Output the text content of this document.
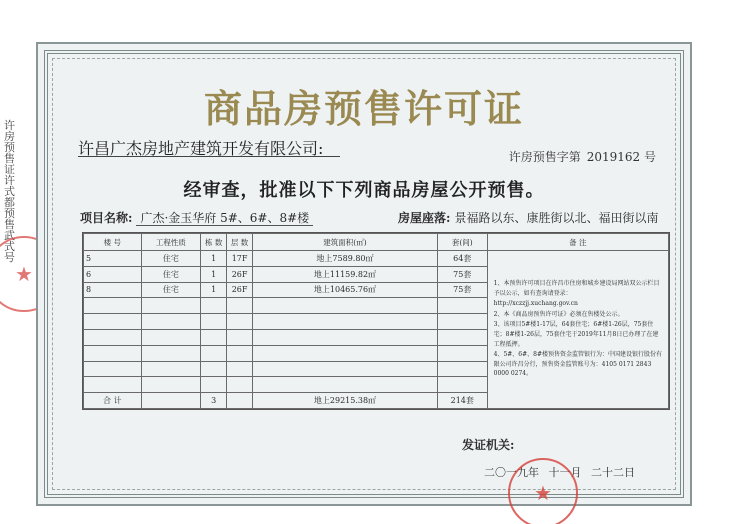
许
房
预
售
证
许
式
都
预
售
武
式
号
★
商品房预售许可证
许昌广杰房地产建筑开发有限公司:	许房预售字第 2019162 号
经审查，批准以下下列商品房屋公开预售。
项目名称: 广杰·金玉华府 5#、6#、8#楼	房屋座落: 景福路以东、康胜街以北、福田街以南
楼 号	工程性质	栋 数	层 数	建筑面积(㎡)	套(间)	备 注
5	住宅	1	17F	地上7589.80㎡	64套	1、本预售许可项目在许昌市住房和城乡建设局网站双公示栏目予以公示，如有查询请登录：

http://xczzjj.xuchang.gov.cn

2、本《商品房预售许可证》必须在售楼处公示。

3、该项目5#楼1-17层，64套住宅；6#楼1-26层，75套住宅；8#楼1-26层，75套住宅于2019年11月8日已办理了在建工程抵押。

4、5#、6#、8#楼预售资金监管银行为：中国建设银行股份有限公司许昌分行，预售资金监管账号为：4105 0171 2843 0000 0274。

6	住宅	1	26F	地上11159.82㎡	75套	
8	住宅	1	26F	地上10465.76㎡	75套	

合 计		3		地上29215.38㎡	214套	
发证机关:
二〇一九年 十一月 二十二日
★
